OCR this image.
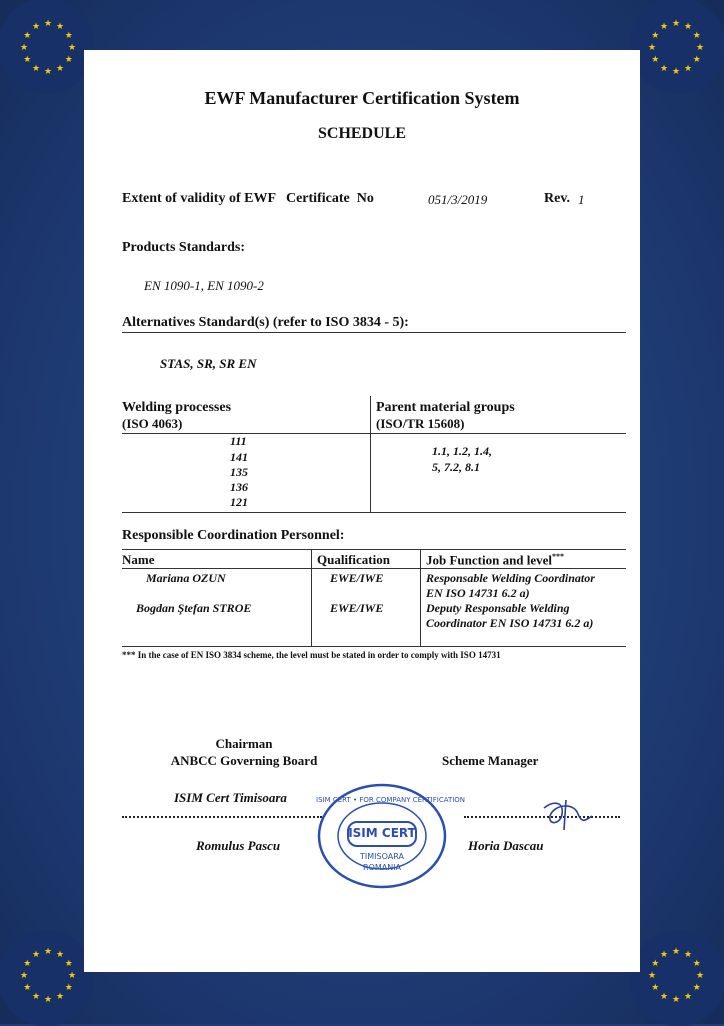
★
★
★
★
★
★
★
★
★ ★ ★
★
★
★
★
★
★
★
★
★
★ ★ ★
★
★
★
★
★
★
★
★
★
★ ★ ★
★
★
★
★
★
★
★
★
★
★ ★ ★
★
EWF Manufacturer Certification System
SCHEDULE
Extent of validity of EWF   Certificate  No	051/3/2019	Rev. 1
Products Standards:
EN 1090-1, EN 1090-2
Alternatives Standard(s) (refer to ISO 3834 - 5):
STAS, SR, SR EN
Welding processes
(ISO 4063)
Parent material groups
(ISO/TR 15608)
111
141
135
136
121
1.1, 1.2, 1.4,
5, 7.2, 8.1
Responsible Coordination Personnel:
Name	Qualification	Job Function and level***
Mariana OZUN	EWE/IWE	Responsable Welding Coordinator
EN ISO 14731 6.2 a)
Bogdan Ştefan STROE	EWE/IWE	Deputy Responsable Welding
Coordinator EN ISO 14731 6.2 a)
*** In the case of EN ISO 3834 scheme, the level must be stated in order to comply with ISO 14731
Chairman
ANBCC Governing Board	Scheme Manager
ISIM Cert Timisoara
Romulus Pascu	Horia Dascau
ISIM CERT • FOR COMPANY CERTIFICATION
ISIM CERT
TIMISOARA
ROMANIA
